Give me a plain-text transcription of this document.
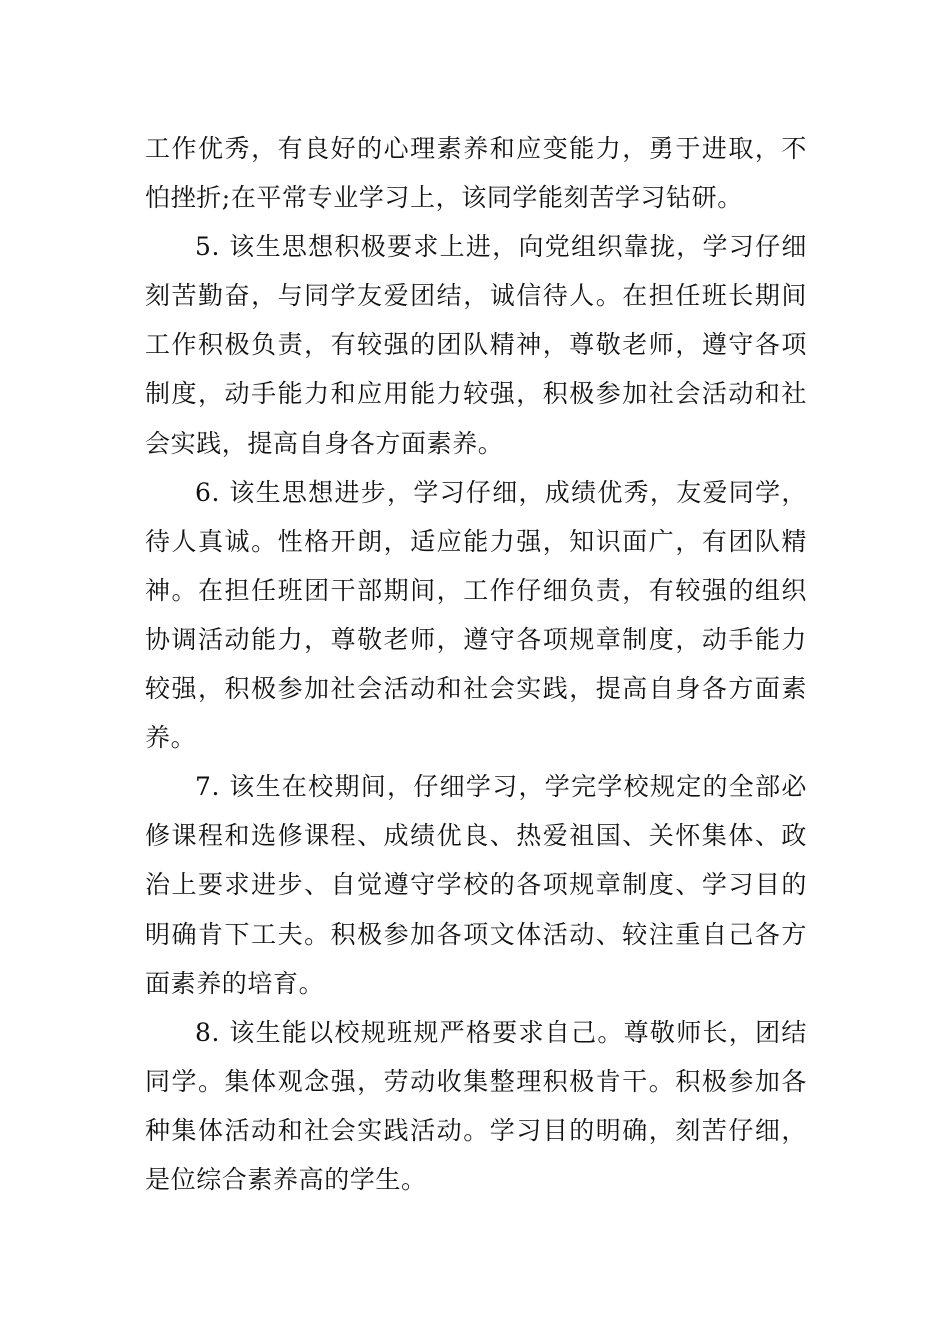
工作优秀，有良好的心理素养和应变能力，勇于进取，不怕挫折;在平常专业学习上，该同学能刻苦学习钻研。

5. 该生思想积极要求上进，向党组织靠拢，学习仔细刻苦勤奋，与同学友爱团结，诚信待人。在担任班长期间工作积极负责，有较强的团队精神，尊敬老师，遵守各项制度，动手能力和应用能力较强，积极参加社会活动和社会实践，提高自身各方面素养。

6. 该生思想进步，学习仔细，成绩优秀，友爱同学，待人真诚。性格开朗，适应能力强，知识面广，有团队精神。在担任班团干部期间，工作仔细负责，有较强的组织协调活动能力，尊敬老师，遵守各项规章制度，动手能力较强，积极参加社会活动和社会实践，提高自身各方面素养。

7. 该生在校期间，仔细学习，学完学校规定的全部必修课程和选修课程、成绩优良、热爱祖国、关怀集体、政治上要求进步、自觉遵守学校的各项规章制度、学习目的明确肯下工夫。积极参加各项文体活动、较注重自己各方面素养的培育。

8. 该生能以校规班规严格要求自己。尊敬师长，团结同学。集体观念强，劳动收集整理积极肯干。积极参加各种集体活动和社会实践活动。学习目的明确，刻苦仔细，是位综合素养高的学生。
